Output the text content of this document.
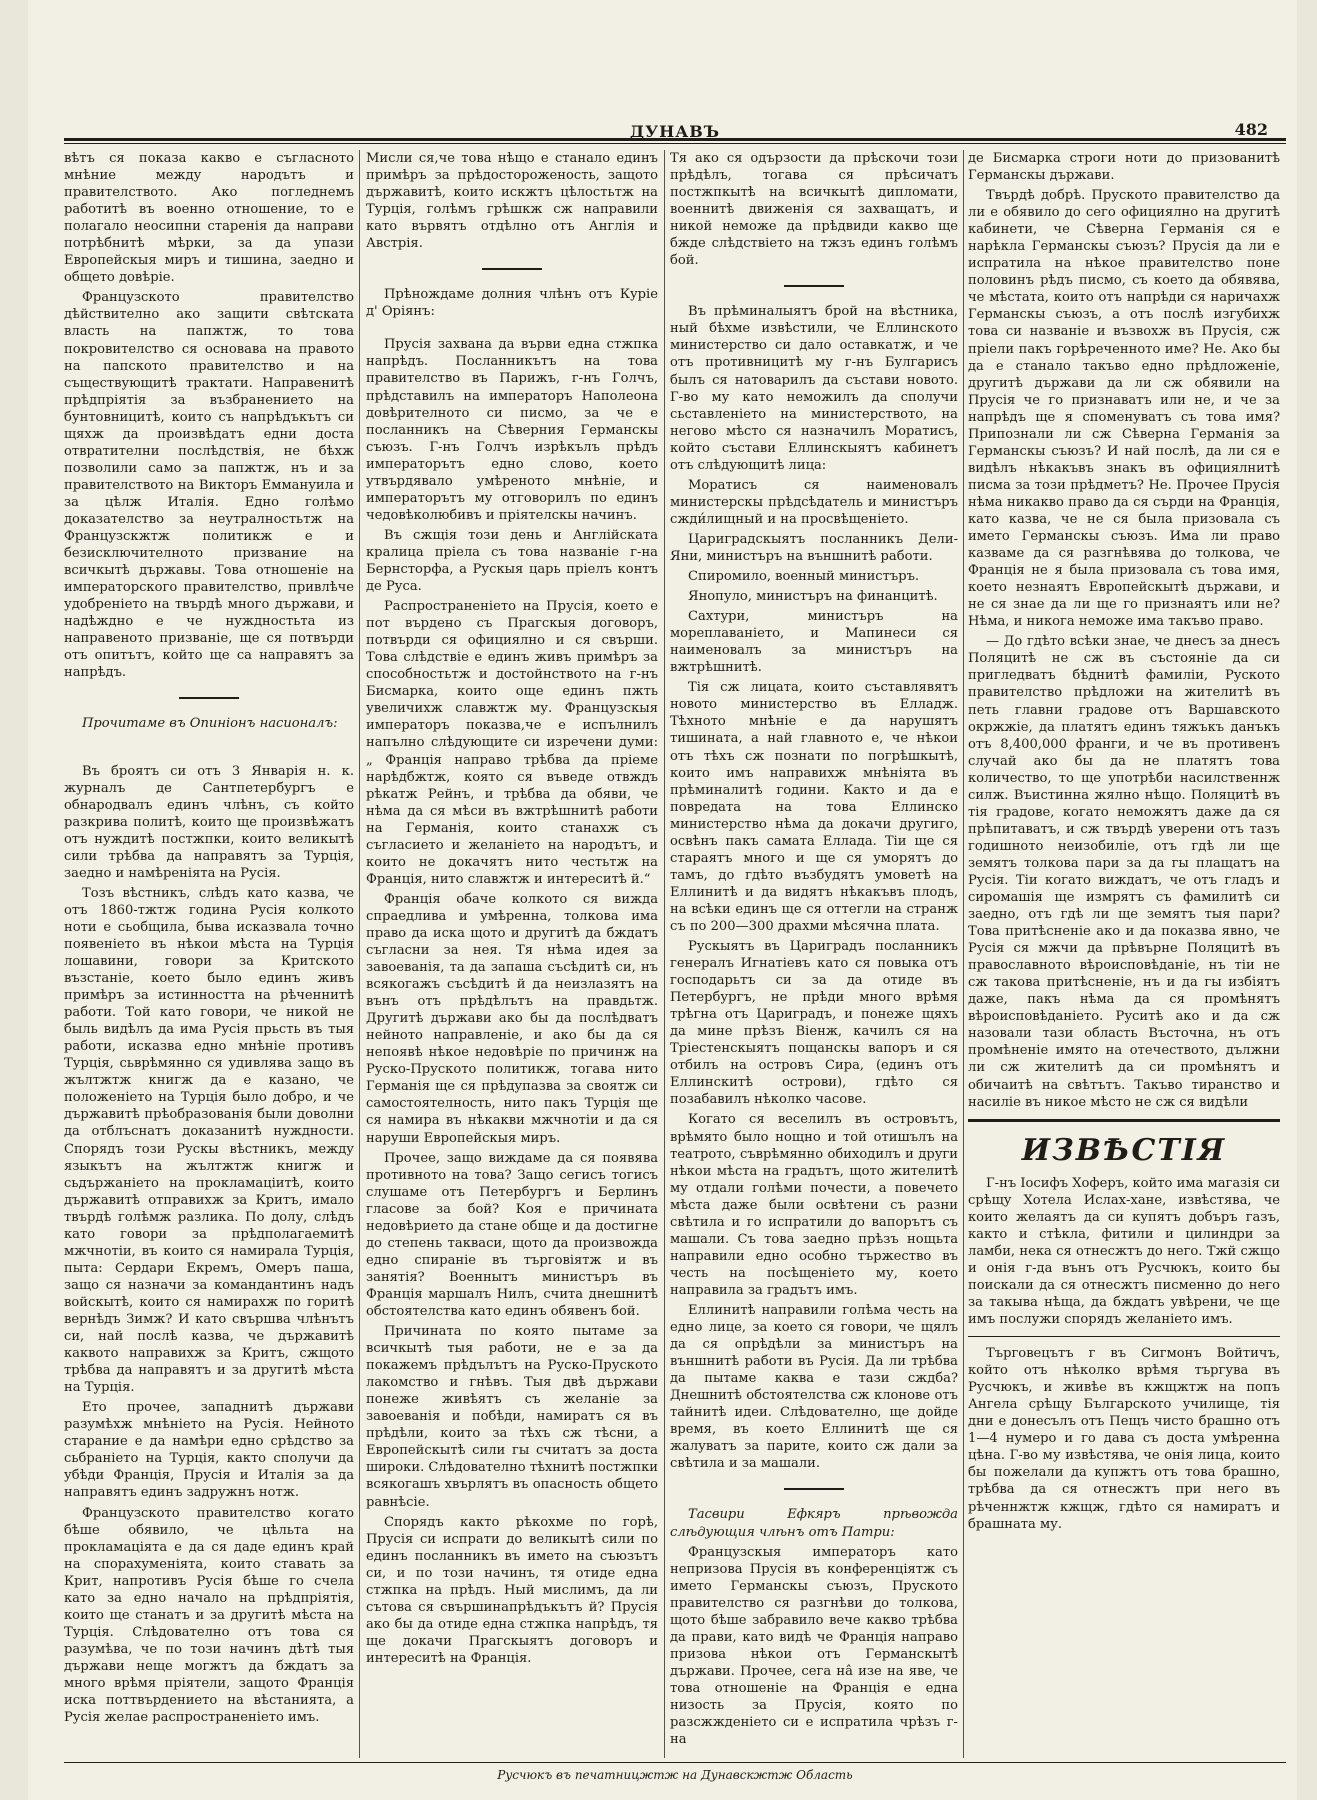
ДУНАВЪ	482

вѣтъ ся показа какво е съгласното мнѣние между народътъ и правителството. Ако погледнемъ работитѣ въ военно отношение, то е полагало неосипни старенія да направи потрѣбнитѣ мѣрки, за да упази Европейскыя миръ и тишина, заедно и общето довѣріе.

Французското правителство дѣйствително ако защити свѣтската власть на папжтж, то това покровителство ся основава на правото на папското правителство и на съществующитѣ трактати. Направенитѣ прѣдпріятія за възбранението на бунтовницитѣ, които съ напрѣдъкътъ си щяхж да произвѣдатъ едни доста отвратителни послѣдствія, не бѣхж позволили само за папжтж, нъ и за правителството на Викторъ Еммануила и за цѣлж Италія. Едно голѣмо доказателство за неутралностьтж на Французскжтж политикж е и безисключителното призвание на всичкытѣ държавы. Това отношеніе на императорского правителство, привлѣче удобреніето на твърдѣ много държави, и надѣждно е че нуждностьта из направеното призваніе, ще ся потвърди отъ опитътъ, който ще са направятъ за напрѣдъ.

Прочитаме въ Опиніонъ насионалъ:

Въ броятъ си отъ 3 Январія н. к. журналъ де Сантпетербургъ е обнародвалъ единъ члѣнъ, съ който разкрива политѣ, които ще произвѣжатъ отъ нуждитѣ постжпки, които великытѣ сили трѣбва да направятъ за Турція, заедно и намѣреніята на Русія.

Тозъ вѣстникъ, слѣдъ като казва, че отъ 1860-тжтж година Русія колкото ноти е сьобщила, быва исказвала точно появеніето въ нѣкои мѣста на Турція лошавини, говори за Критското възстаніе, което было единъ живъ примѣръ за истинността на рѣченнитѣ работи. Той като говори, че никой не быль видѣлъ да има Русія прьсть въ тыя работи, исказва едно мнѣніе противъ Турція, сьврѣмянно ся удивлява защо въ жълтжтж книгж да е казано, че положеніето на Турція было добро, и че държавитѣ прѣобразованія были доволни да отблъснатъ доказанитѣ нуждности. Спорядъ този Рускы вѣстникъ, между языкътъ на жълтжтж книгж и сьдържаніето на прокламаціитѣ, които държавитѣ отправихж за Критъ, имало твърдѣ голѣмж разлика. По долу, слѣдъ като говори за прѣдполагаемитѣ мжчнотіи, въ които ся намирала Турція, пыта: Сердари Екремъ, Омеръ паша, защо ся назначи за командантинъ надъ войскытѣ, които ся намирахж по горитѣ вернѣдъ Зимж? И като свършва члѣнътъ си, най послѣ казва, че държавитѣ каквото направихж за Критъ, сжщото трѣбва да направятъ и за другитѣ мѣста на Турція.

Ето прочее, западнитѣ държави разумѣхж мнѣніето на Русія. Нейното старание е да намѣри едно срѣдство за сьбраніето на Турція, както сполучи да убѣди Франція, Прусія и Италія за да направятъ единъ задружнъ нотж.

Французското правителство когато бѣше обявило, че цѣльта на прокламаціята е да ся даде единъ край на спорахуменіята, които ставать за Крит, напротивъ Русія бѣше го счела като за едно начало на прѣдпріятія, които ще станатъ и за другитѣ мѣста на Турція. Слѣдователно отъ това ся разумѣва, че по този начинъ дѣтѣ тыя държави неще могжтъ да бждатъ за много врѣмя пріятели, защото Франція иска поттвърдението на вѣстанията, а Русія желае распространеніето имъ.

Мисли ся,че това нѣщо е станало единъ примѣръ за прѣдостороженость, защото държавитѣ, които искжтъ цѣлостьтж на Турція, голѣмъ грѣшкж сж направили като вървятъ отдѣлно отъ Англія и Австрія.

Прѣнождаме долния члѣнъ отъ Куріе д' Оріянъ:

Прусія захвана да върви една стжпка напрѣдъ. Посланникътъ на това правителство въ Парижъ, г-нъ Голчъ, прѣдставилъ на императоръ Наполеона довѣрителното си писмо, за че е посланникъ на Сѣверния Германскы съюзъ. Г-нъ Голчъ изрѣкълъ прѣдъ императорътъ едно слово, което утвърдявало умѣреното мнѣніе, и императорътъ му отговорилъ по единъ чедовѣколюбивъ и пріятелскы начинъ.

Въ сжщія този день и Англійската кралица пріела съ това названіе г-на Бернсторфа, а Рускыя царь пріелъ контъ де Руса.

Распространеніето на Прусія, което е пот върдено съ Прагскыя договоръ, потвърди ся официялно и ся свърши. Това слѣдствіе е единъ живъ примѣръ за способностьтж и достойнството на г-нъ Бисмарка, които още единъ пжть увеличихж славжтж му. Французскыя императоръ показва,че е испълнилъ напълно слѣдующите си изречени думи: „ Франція направо трѣбва да пріеме нарѣдбжтж, която ся въведе отвждъ рѣкатж Рейнъ, и трѣбва да обяви, че нѣма да ся мѣси въ вжтрѣшнитѣ работи на Германія, които станахж съ съгласието и желаніето на народътъ, и които не докачятъ нито честьтж на Франція, нито славжтж и интереситѣ й.“

Франція обаче колкото ся вижда спраедлива и умѣренна, толкова има право да иска щото и другитѣ да бждатъ съгласни за нея. Тя нѣма идея за завоеванія, та да запаша съсѣдитѣ си, нъ всякогажъ съсѣдитѣ й да неизлазятъ на вънъ отъ прѣдѣлътъ на правдьтж. Другитѣ държави ако бы да послѣдватъ нейното направленіе, и ако бы да ся непоявѣ нѣкое недовѣріе по причинж на Руско-Пруското политикж, тогава нито Германія ще ся прѣдупазва за своятж си самостоятелность, нито пакъ Турція ще ся намира въ нѣкакви мжчнотіи и да ся наруши Европейскыя миръ.

Прочее, защо виждаме да ся появява противното на това? Защо сегисъ тогисъ слушаме отъ Петербургъ и Берлинъ гласове за бой? Коя е причината недовѣрието да стане обще и да достигне до степень такваси, щото да произвожда едно спираніе въ търговіятж и въ занятія? Военнытъ министъръ въ Франція маршалъ Нилъ, счита днешнитѣ обстоятелства като единъ обявенъ бой.

Причината по която пытаме за всичкытѣ тыя работи, не е за да покажемъ прѣдълътъ на Руско-Пруското лакомство и гнѣвъ. Тыя двѣ държави понеже живѣятъ съ желаніе за завоеванія и побѣди, намиратъ ся въ прѣдѣли, които за тѣхъ сж тѣсни, а Европейскытѣ сили гы считатъ за доста широки. Слѣдователно тѣхнитѣ постжпки всякогашъ хвърлятъ въ опасность общето равнѣсіе.

Спорядъ както рѣкохме по горѣ, Прусія си испрати до великытѣ сили по единъ посланникъ въ името на съюзътъ си, и по този начинъ, тя отиде една стжпка на прѣдъ. Ный мислимъ, да ли сътова ся свършинапрѣдъкътъ й? Прусія ако бы да отиде една стжпка напрѣдъ, тя ще докачи Прагскыятъ договоръ и интереситѣ на Франція.

Тя ако ся одързости да прѣскочи този прѣдѣлъ, тогава ся прѣсичатъ постжпкытѣ на всичкытѣ дипломати, военнитѣ движенія ся захващатъ, и никой неможе да прѣдвиди какво ще бжде слѣдствіето на тжзъ единъ голѣмъ бой.

Въ прѣминалыятъ брой на вѣстника, ный бѣхме извѣстили, че Еллинското министерство си дало оставкатж, и че отъ противницитѣ му г-нъ Булгарисъ былъ ся натоварилъ да състави новото. Г-во му като неможилъ да сполучи сьставленіето на министерството, на негово мѣсто ся назначилъ Моратисъ, който състави Еллинскыятъ кабинетъ отъ слѣдующитѣ лица:

Моратисъ ся наименовалъ министерскы прѣдсѣдатель и министъръ сжди́лищный и на просвѣщеніето.

Цариградскыятъ посланникъ Дели-Яни, министъръ на външнитѣ работи.

Спиромило, военный министъръ.

Янопуло, министъръ на финанцитѣ.

Сахтури, министъръ на мореплаваніето, и Мапинеси ся наименовалъ за министъръ на вжтрѣшнитѣ.

Тія сж лицата, които съставлявятъ новото министерство въ Елладж. Тѣхното мнѣніе е да нарушятъ тишината, а най главното е, че нѣкои отъ тѣхъ сж познати по погрѣшкытѣ, които имъ направихж мнѣніята въ прѣминалитѣ години. Както и да е повредата на това Еллинско министерство нѣма да докачи другиго, освѣнъ пакъ самата Еллада. Тіи ще ся стараятъ много и ще ся уморятъ до тамъ, до гдѣто възбудятъ умоветѣ на Еллинитѣ и да видятъ нѣкакъвъ плодъ, на всѣки единъ ще ся оттегли на странж съ по 200—300 драхми мѣсячна плата.

Рускыятъ въ Цариградъ посланникъ генералъ Игнатіевъ като ся повыка отъ господарьтъ си за да отиде въ Петербургъ, не прѣди много врѣмя трѣгна отъ Цариградъ, и понеже щяхъ да мине прѣзъ Віенж, качилъ ся на Тріестенскыятъ пощанскы вапоръ и ся отбилъ на островъ Сира, (единъ отъ Еллинскитѣ острови), гдѣто ся позабавилъ нѣколко часове.

Когато ся веселилъ въ островътъ, врѣмято было нощно и той отишълъ на театрото, съврѣмянно обиходилъ и други нѣкои мѣста на градътъ, щото жителитѣ му отдали голѣми почести, а повечето мѣста даже были освѣтени съ разни свѣтила и го испратили до вапорътъ съ машали. Съ това заедно прѣзъ нощьта направили едно особно тържество въ честь на посѣщеніето му, което направила за градътъ имъ.

Еллинитѣ направили голѣма честь на едно лице, за което ся говори, че щялъ да ся опрѣдѣли за министъръ на външнитѣ работи въ Русія. Да ли трѣбва да пытаме каква е тази сждба? Днешнитѣ обстоятелства сж клонове отъ тайнитѣ идеи. Слѣдователно, ще дойде время, въ което Еллинитѣ ще ся жалуватъ за парите, които сж дали за свѣтила и за машали.

Тасвири Ефкяръ прѣвожда слѣдующия члѣнъ отъ Патри:

Французскыя императоръ като непризова Прусія въ конференціятж съ името Германскы съюзъ, Пруското правителство ся разгнѣви до толкова, щото бѣше забравило вече какво трѣбва да прави, като видѣ че Франція направо призова нѣкои отъ Германскытѣ държави. Прочее, сега на̂ изе на яве, че това отношеніе на Франція е една низость за Прусія, която по разсжжденіето си е испратила чрѣзъ г-на

де Бисмарка строги ноти до призованитѣ Германскы държави.

Твърдѣ добрѣ. Пруското правителство да ли е обявило до сего официялно на другитѣ кабинети, че Сѣверна Германія ся е нарѣкла Германскы съюзъ? Прусія да ли е испратила на нѣкое правителство поне половинъ рѣдъ писмо, съ което да обявява, че мѣстата, които отъ напрѣди ся наричахж Германскы съюзъ, а отъ послѣ изгубихж това си названіе и възвохж въ Прусія, сж пріели пакъ горѣреченното име? Не. Ако бы да е станало такъво едно прѣдложеніе, другитѣ държави да ли сж обявили на Прусія че го признаватъ или не, и че за напрѣдъ ще я споменуватъ съ това имя? Припознали ли сж Сѣверна Германія за Германскы съюзъ? И най послѣ, да ли ся е видѣлъ нѣкакъвъ знакъ въ официялнитѣ писма за този прѣдметъ? Не. Прочее Прусія нѣма никакво право да ся сърди на Франція, като казва, че не ся была призовала съ името Германскы съюзъ. Има ли право казваме да ся разгнѣвява до толкова, че Франція не я была призовала съ това имя, което незнаятъ Европейскытѣ държави, и не ся знае да ли ще го признаятъ или не? Нѣма, и никога неможе има такъво право.

— До гдѣто всѣки знае, че днесъ за днесъ Поляцитѣ не сж въ състояніе да си пригледватъ бѣднитѣ фамиліи, Руското правителство прѣдложи на жителитѣ въ петь главни градове отъ Варшавското окржжіе, да платятъ единъ тяжъкъ данъкъ отъ 8,400,000 франги, и че въ противенъ случай ако бы да не платятъ това количество, то ще употрѣби насилственнж силж. Въистинна жялно нѣщо. Поляцитѣ въ тія градове, когато неможятъ даже да ся прѣпитаватъ, и сж твърдѣ уверени отъ тазъ годишното неизобиліе, отъ гдѣ ли ще земятъ толкова пари за да гы плащатъ на Русія. Тіи когато виждатъ, че отъ гладъ и сиромашія ще измрятъ съ фамилитѣ си заедно, отъ гдѣ ли ще земятъ тыя пари? Това притѣсненіе ако и да показва явно, че Русія ся мжчи да прѣвърне Поляцитѣ въ православното вѣроисповѣданіе, нъ тіи не сж такова притѣсненіе, нъ и да гы избіятъ даже, пакъ нѣма да ся промѣнятъ вѣроисповѣданіето. Руситѣ ако и да сж назовали тази область Въсточна, нъ отъ промѣненіе имято на отечеството, дължни ли сж жителитѣ да си промѣнятъ и обичаитѣ на свѣтътъ. Такъво тиранство и насиліе въ никое мѣсто не сж ся видѣли

ИЗВѢСТІЯ

Г-нъ Іосифъ Хоферъ, който има магазія си срѣщу Хотела Ислах-хане, извѣстява, че които желаятъ да си купятъ добъръ газъ, както и стѣкла, фитили и цилиндри за ламби, нека ся отнесжтъ до него. Тжй сжщо и онія г-да вънъ отъ Русчюкъ, които бы поискали да ся отнесжтъ писменно до него за такыва нѣща, да бждатъ увѣрени, че ще имъ послужи спорядъ желаніето имъ.

Търговецътъ г въ Сигмонъ Войтичъ, който отъ нѣколко врѣмя търгува въ Русчюкъ, и живѣе въ кжщжтж на попъ Ангела срѣщу Българското училище, тія дни е донесълъ отъ Пещъ чисто брашно отъ 1—4 нумеро и го дава съ доста умѣренна цѣна. Г-во му извѣстява, че онія лица, които бы пожелали да купжтъ отъ това брашно, трѣбва да ся отнесжтъ при него въ рѣченнжтж кжщж, гдѣто ся намиратъ и брашната му.

Русчюкъ въ печатницжтж на Дунавскжтж Область
